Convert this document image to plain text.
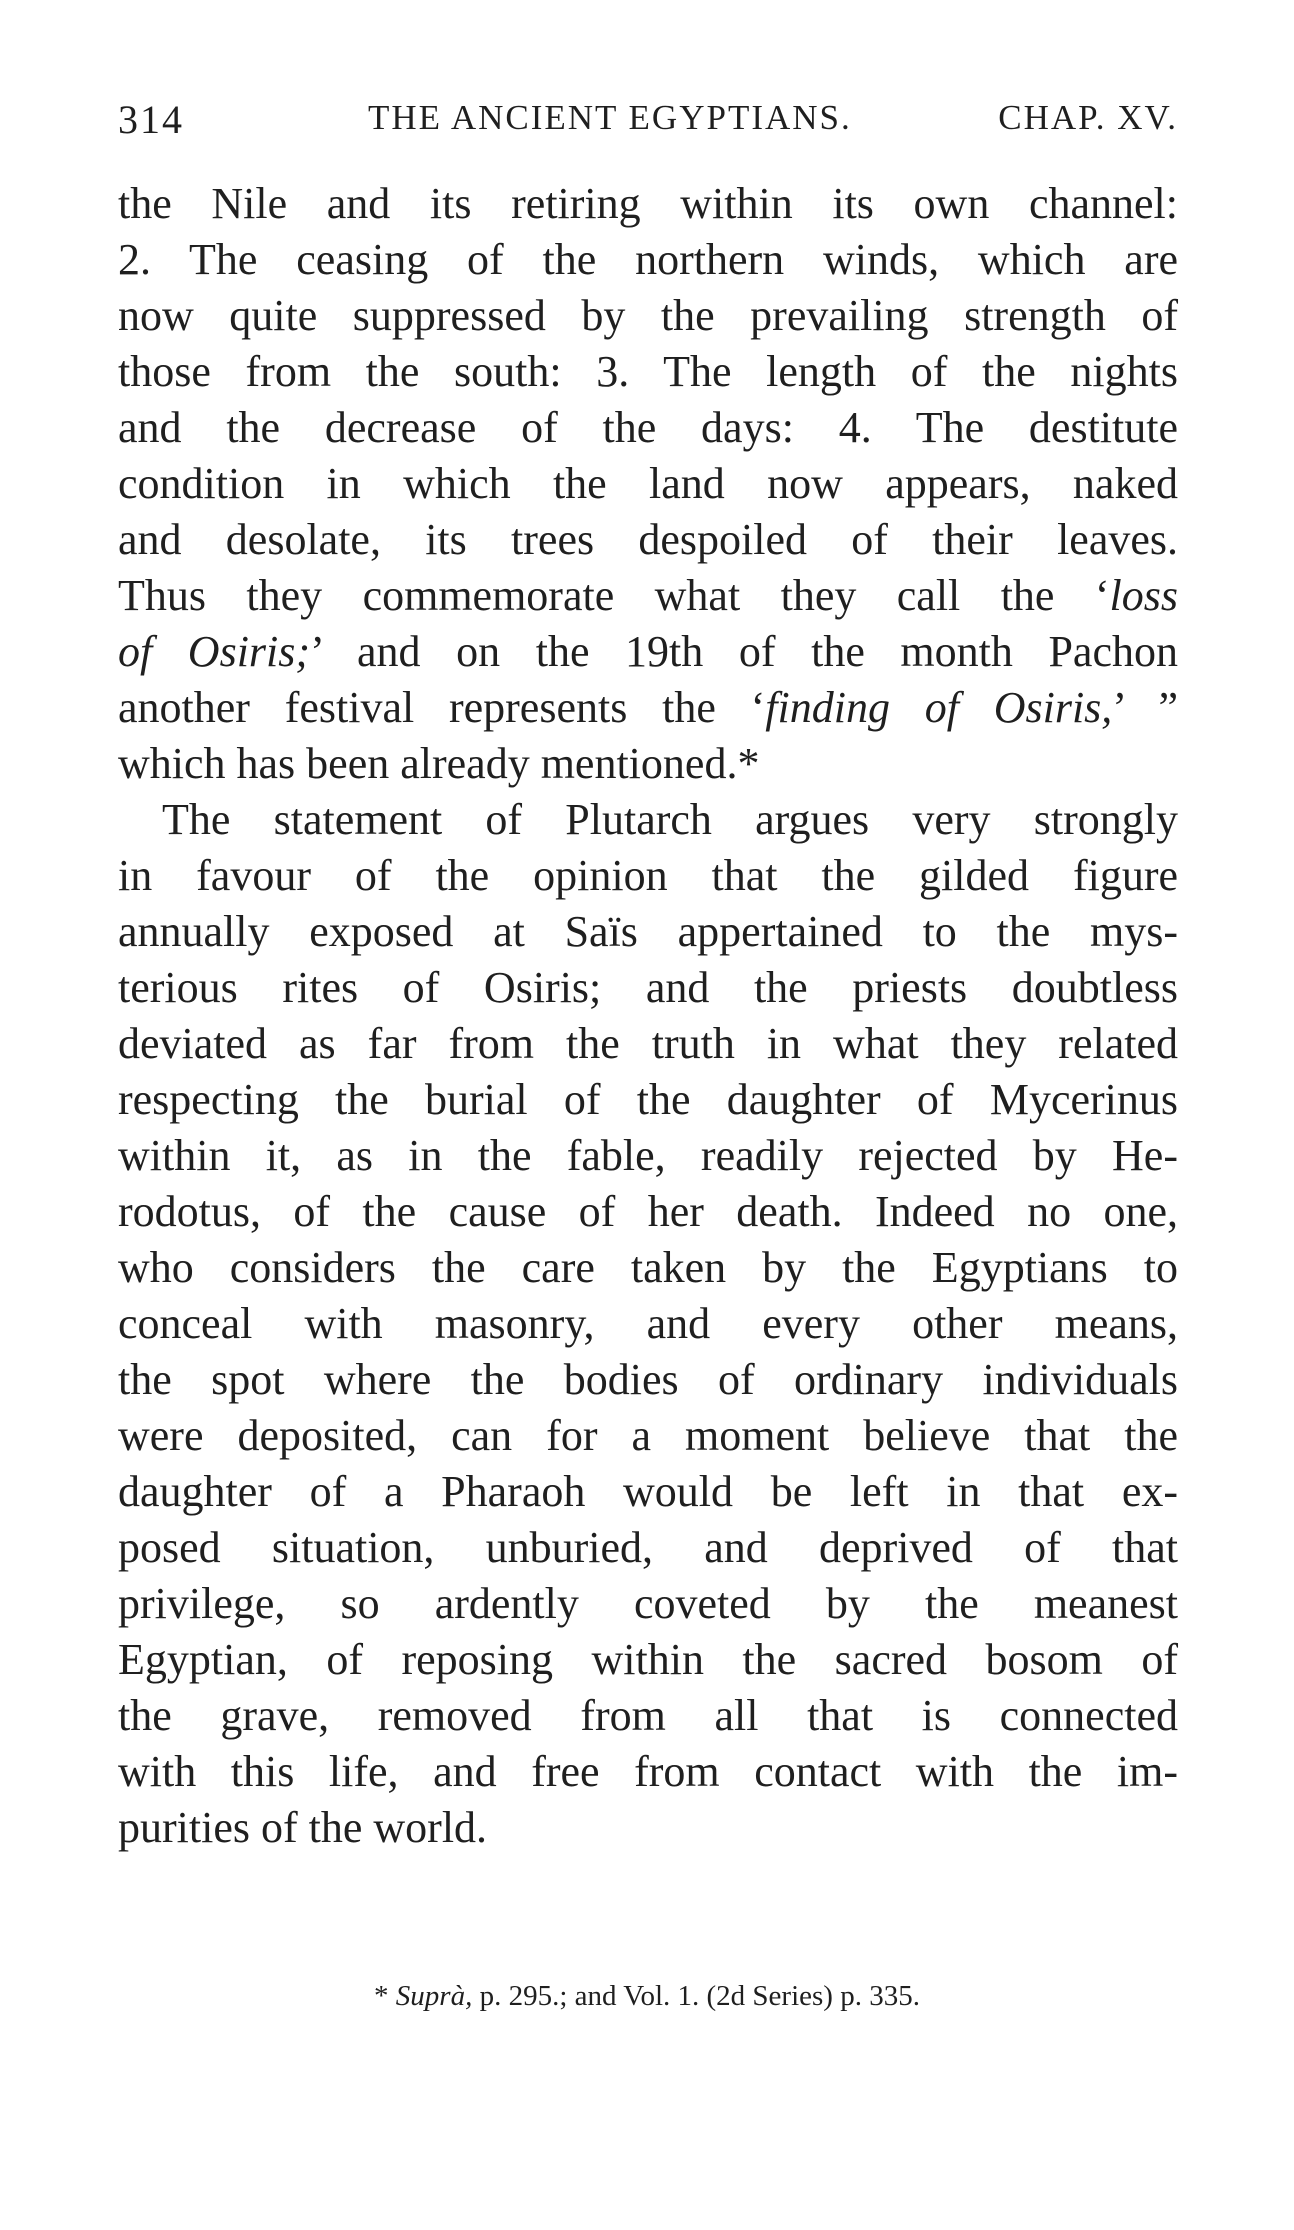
314	THE ANCIENT EGYPTIANS.	CHAP. XV.
the Nile and its retiring within its own channel:
2. The ceasing of the northern winds, which are
now quite suppressed by the prevailing strength of
those from the south: 3. The length of the nights
and the decrease of the days: 4. The destitute
condition in which the land now appears, naked
and desolate, its trees despoiled of their leaves.
Thus they commemorate what they call the ‘loss
of Osiris;’ and on the 19th of the month Pachon
another festival represents the ‘finding of Osiris,’ ”
which has been already mentioned.*
The statement of Plutarch argues very strongly
in favour of the opinion that the gilded figure
annually exposed at Saïs appertained to the mys-
terious rites of Osiris; and the priests doubtless
deviated as far from the truth in what they related
respecting the burial of the daughter of Mycerinus
within it, as in the fable, readily rejected by He-
rodotus, of the cause of her death. Indeed no one,
who considers the care taken by the Egyptians to
conceal with masonry, and every other means,
the spot where the bodies of ordinary individuals
were deposited, can for a moment believe that the
daughter of a Pharaoh would be left in that ex-
posed situation, unburied, and deprived of that
privilege, so ardently coveted by the meanest
Egyptian, of reposing within the sacred bosom of
the grave, removed from all that is connected
with this life, and free from contact with the im-
purities of the world.
* Suprà, p. 295.; and Vol. 1. (2d Series) p. 335.
